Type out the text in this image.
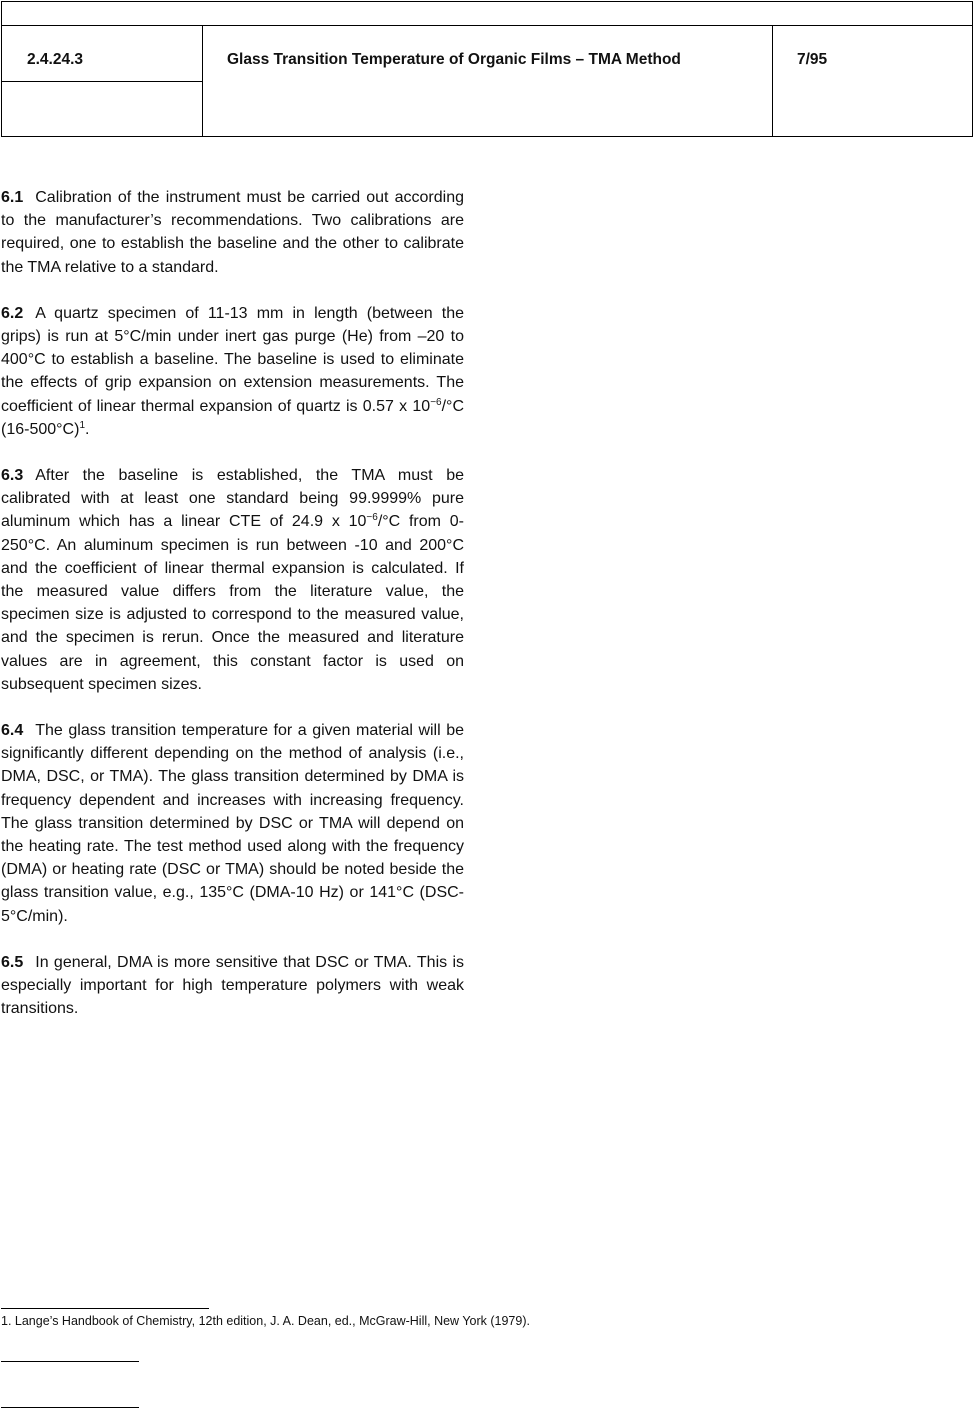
2.4.24.3	Glass Transition Temperature of Organic Films – TMA Method	7/95

6.1 Calibration of the instrument must be carried out according to the manufacturer’s recommendations. Two calibrations are required, one to establish the baseline and the other to calibrate the TMA relative to a standard.

6.2 A quartz specimen of 11-13 mm in length (between the grips) is run at 5°C/min under inert gas purge (He) from –20 to 400°C to establish a baseline. The baseline is used to eliminate the effects of grip expansion on extension measurements. The coefficient of linear thermal expansion of quartz is 0.57 x $10^{-6}/^\circ C$ $(16-500^\circ C)^1$.

6.3 After the baseline is established, the TMA must be calibrated with at least one standard being 99.9999% pure aluminum which has a linear CTE of 24.9 x $10^{-6}/^\circ C$ from 0-250°C. An aluminum specimen is run between -10 and 200°C and the coefficient of linear thermal expansion is calculated. If the measured value differs from the literature value, the specimen size is adjusted to correspond to the measured value, and the specimen is rerun. Once the measured and literature values are in agreement, this constant factor is used on subsequent specimen sizes.

6.4 The glass transition temperature for a given material will be significantly different depending on the method of analysis (i.e., DMA, DSC, or TMA). The glass transition determined by DMA is frequency dependent and increases with increasing frequency. The glass transition determined by DSC or TMA will depend on the heating rate. The test method used along with the frequency (DMA) or heating rate (DSC or TMA) should be noted beside the glass transition value, e.g., 135°C (DMA-10 Hz) or 141°C (DSC-5°C/min).

6.5 In general, DMA is more sensitive that DSC or TMA. This is especially important for high temperature polymers with weak transitions.

1. Lange’s Handbook of Chemistry, 12th edition, J. A. Dean, ed., McGraw-Hill, New York (1979).
